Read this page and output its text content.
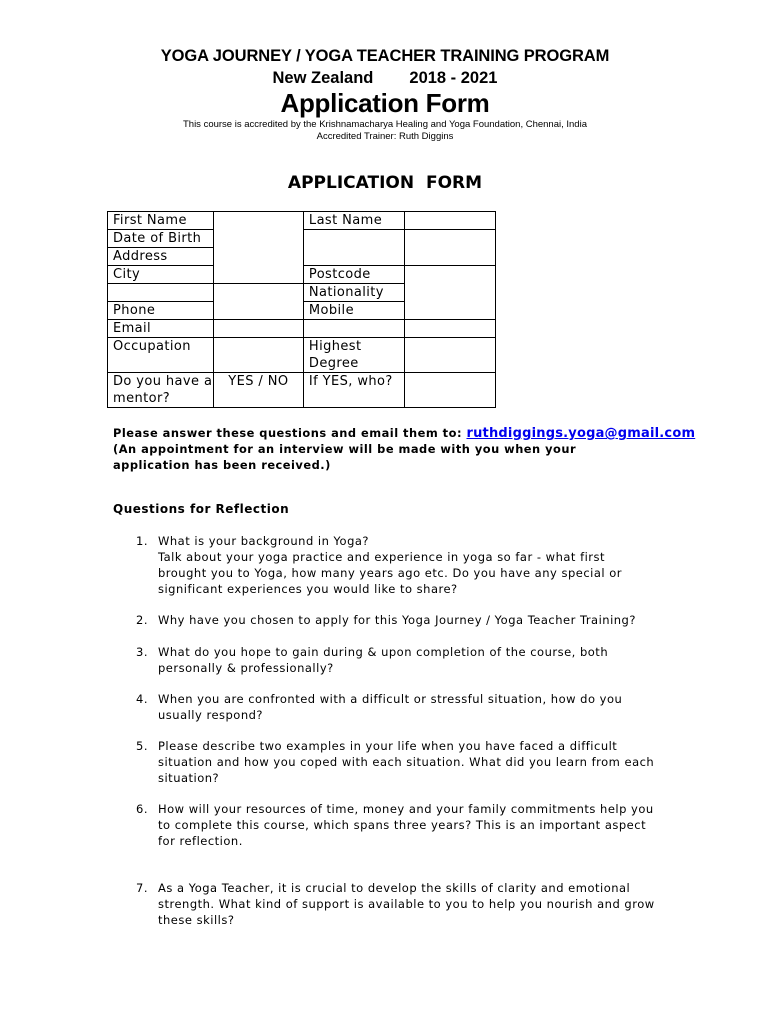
YOGA JOURNEY / YOGA TEACHER TRAINING PROGRAM
New Zealand 2018 - 2021
Application Form
This course is accredited by the Krishnamacharya Healing and Yoga Foundation, Chennai, India
Accredited Trainer: Ruth Diggins
APPLICATION FORM
First Name		Last Name	
Date of Birth			
Address			
City		Postcode	
		Nationality	
Phone		Mobile	
Email			
Occupation		Highest
Degree	
Do you have a
mentor?	YES / NO	If YES, who?	
Please answer these questions and email them to: ruthdiggings.yoga@gmail.com
(An appointment for an interview will be made with you when your application has been received.)
Questions for Reflection
1. What is your background in Yoga?
Talk about your yoga practice and experience in yoga so far - what first brought you to Yoga, how many years ago etc. Do you have any special or significant experiences you would like to share?
2. Why have you chosen to apply for this Yoga Journey / Yoga Teacher Training?
3. What do you hope to gain during & upon completion of the course, both personally & professionally?
4. When you are confronted with a difficult or stressful situation, how do you usually respond?
5. Please describe two examples in your life when you have faced a difficult situation and how you coped with each situation. What did you learn from each situation?
6. How will your resources of time, money and your family commitments help you to complete this course, which spans three years? This is an important aspect for reflection.
7. As a Yoga Teacher, it is crucial to develop the skills of clarity and emotional strength. What kind of support is available to you to help you nourish and grow these skills?
